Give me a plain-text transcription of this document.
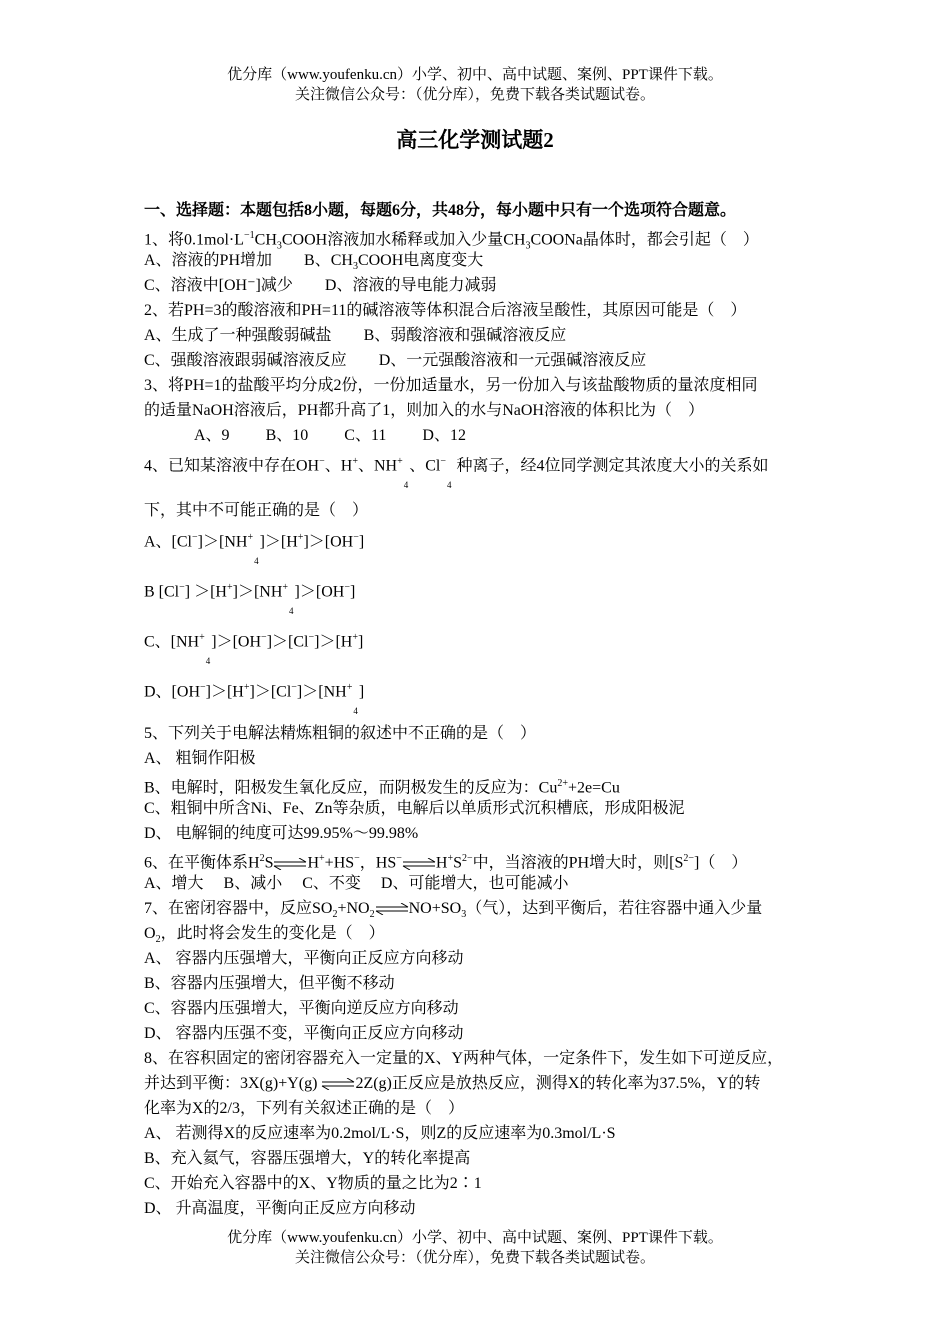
优分库（www.youfenku.cn）小学、初中、高中试题、案例、PPT课件下载。
关注微信公众号：（优分库），免费下载各类试题试卷。
高三化学测试题2
一、选择题：本题包括8小题，每题6分，共48分，每小题中只有一个选项符合题意。
1、将$0.1mol\cdot L^{-1}CH_3COOH$溶液加水稀释或加入少量$CH_3COONa$晶体时，都会引起（　）
A、溶液的PH增加　　 B、$CH_3COOH$电离度变大
C、溶液中[OH⁻]减少　　 D、溶液的导电能力减弱
2、若PH=3的酸溶液和PH=11的碱溶液等体积混合后溶液呈酸性，其原因可能是（　）
A、生成了一种强酸弱碱盐　　 B、弱酸溶液和强碱溶液反应
C、强酸溶液跟弱碱溶液反应　　 D、一元强酸溶液和一元强碱溶液反应
3、将PH=1的盐酸平均分成2份，一份加适量水，另一份加入与该盐酸物质的量浓度相同
的适量NaOH溶液后，PH都升高了1，则加入的水与NaOH溶液的体积比为（　）
A、9　　 B、10　　 C、11　　 D、12
4、已知某溶液中存在OH−、H+、$NH^+_4$、$Cl^-_4$ 种离子，经4位同学测定其浓度大小的关系如
下，其中不可能正确的是（　）
A、$[Cl^-]>[NH^+_4]>[H^+]>[OH^-]$
B $[Cl^-] >[H^+]>[NH^+_4]>[OH^-]$
C、$[NH^+_4]>[OH^-]>[Cl^-]>[H^+]$
D、$[OH^-]>[H^+]>[Cl^-]>[NH^+_4]$
5、下列关于电解法精炼粗铜的叙述中不正确的是（　）
A、 粗铜作阳极
B、电解时，阳极发生氧化反应，而阴极发生的反应为：$Cu^{2+}+2e=Cu$
C、粗铜中所含Ni、Fe、Zn等杂质，电解后以单质形式沉积槽底，形成阳极泥
D、 电解铜的纯度可达99.95%～99.98%
6、在平衡体系$H^2S$ H++HS−，HS− $H^+S^{2-}$中，当溶液的PH增大时，则$[S^{2-}]$（　）
A、增大　 B、减小　 C、不变　 D、可能增大，也可能减小
7、在密闭容器中，反应$SO_2+NO_2$ $NO+SO_3$（气），达到平衡后，若往容器中通入少量
$O_2$，此时将会发生的变化是（　）
A、 容器内压强增大，平衡向正反应方向移动
B、容器内压强增大，但平衡不移动
C、容器内压强增大，平衡向逆反应方向移动
D、 容器内压强不变，平衡向正反应方向移动
8、在容积固定的密闭容器充入一定量的X、Y两种气体，一定条件下，发生如下可逆反应，
并达到平衡：3X(g)+Y(g) 2Z(g)正反应是放热反应，测得X的转化率为37.5%，Y的转
化率为X的2/3，下列有关叙述正确的是（　）
A、 若测得X的反应速率为0.2mol/L·S，则Z的反应速率为0.3mol/L·S
B、充入氦气，容器压强增大，Y的转化率提高
C、开始充入容器中的X、Y物质的量之比为2∶1
D、 升高温度，平衡向正反应方向移动
优分库（www.youfenku.cn）小学、初中、高中试题、案例、PPT课件下载。
关注微信公众号：（优分库），免费下载各类试题试卷。
